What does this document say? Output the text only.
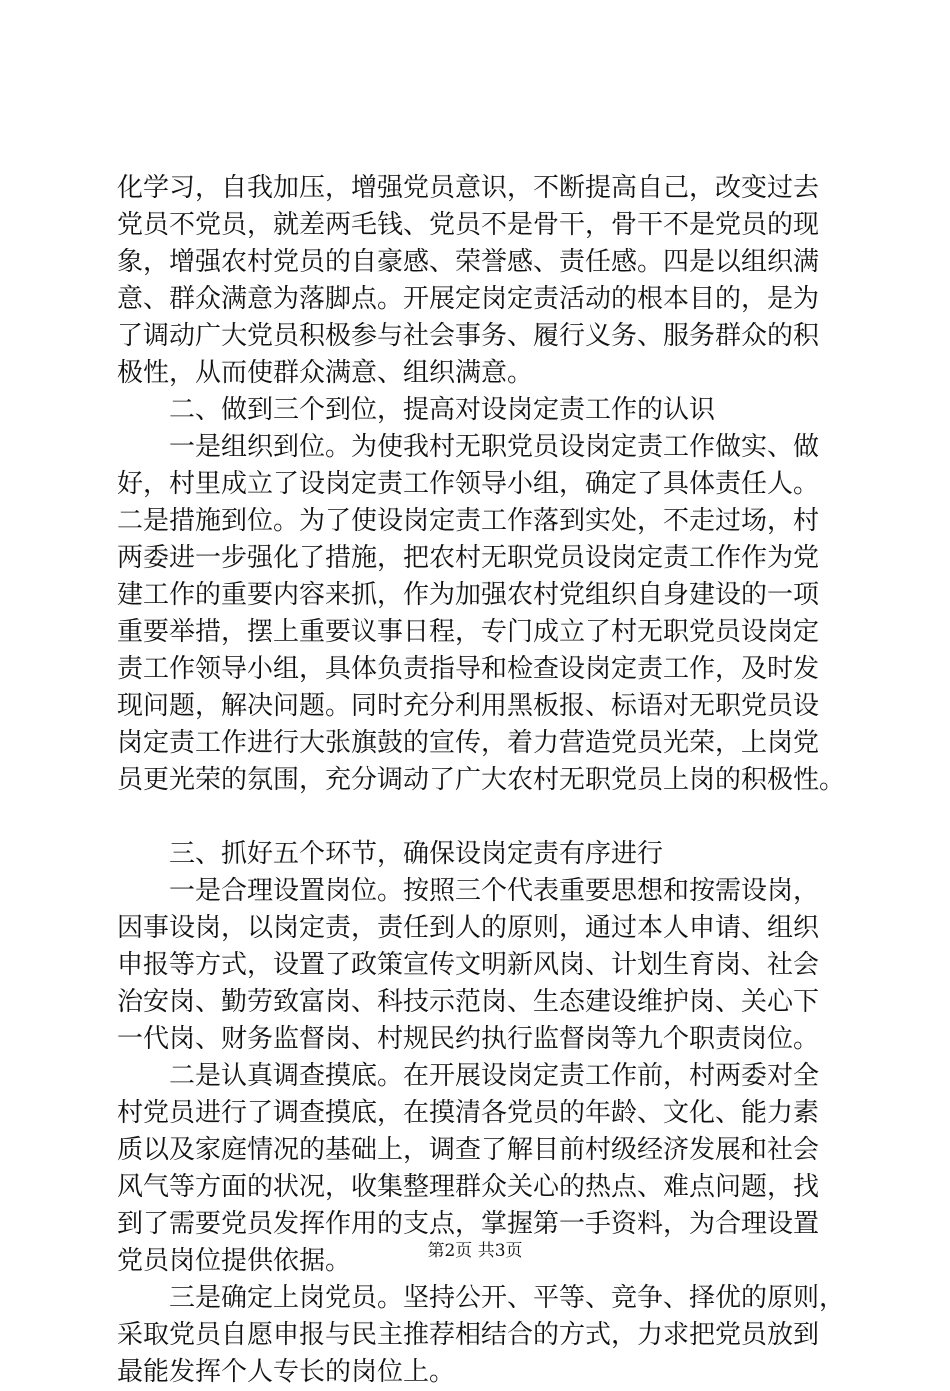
化学习，自我加压，增强党员意识，不断提高自己，改变过去
党员不党员，就差两毛钱、党员不是骨干，骨干不是党员的现
象，增强农村党员的自豪感、荣誉感、责任感。四是以组织满
意、群众满意为落脚点。开展定岗定责活动的根本目的，是为
了调动广大党员积极参与社会事务、履行义务、服务群众的积
极性，从而使群众满意、组织满意。
　　二、做到三个到位，提高对设岗定责工作的认识
　　一是组织到位。为使我村无职党员设岗定责工作做实、做
好，村里成立了设岗定责工作领导小组，确定了具体责任人。
二是措施到位。为了使设岗定责工作落到实处，不走过场，村
两委进一步强化了措施，把农村无职党员设岗定责工作作为党
建工作的重要内容来抓，作为加强农村党组织自身建设的一项
重要举措，摆上重要议事日程，专门成立了村无职党员设岗定
责工作领导小组，具体负责指导和检查设岗定责工作，及时发
现问题，解决问题。同时充分利用黑板报、标语对无职党员设
岗定责工作进行大张旗鼓的宣传，着力营造党员光荣，上岗党
员更光荣的氛围，充分调动了广大农村无职党员上岗的积极性。
　　三、抓好五个环节，确保设岗定责有序进行
　　一是合理设置岗位。按照三个代表重要思想和按需设岗，
因事设岗，以岗定责，责任到人的原则，通过本人申请、组织
申报等方式，设置了政策宣传文明新风岗、计划生育岗、社会
治安岗、勤劳致富岗、科技示范岗、生态建设维护岗、关心下
一代岗、财务监督岗、村规民约执行监督岗等九个职责岗位。
　　二是认真调查摸底。在开展设岗定责工作前，村两委对全
村党员进行了调查摸底，在摸清各党员的年龄、文化、能力素
质以及家庭情况的基础上，调查了解目前村级经济发展和社会
风气等方面的状况，收集整理群众关心的热点、难点问题，找
到了需要党员发挥作用的支点，掌握第一手资料，为合理设置
党员岗位提供依据。
　　三是确定上岗党员。坚持公开、平等、竞争、择优的原则，
采取党员自愿申报与民主推荐相结合的方式，力求把党员放到
最能发挥个人专长的岗位上。
第2页 共3页
